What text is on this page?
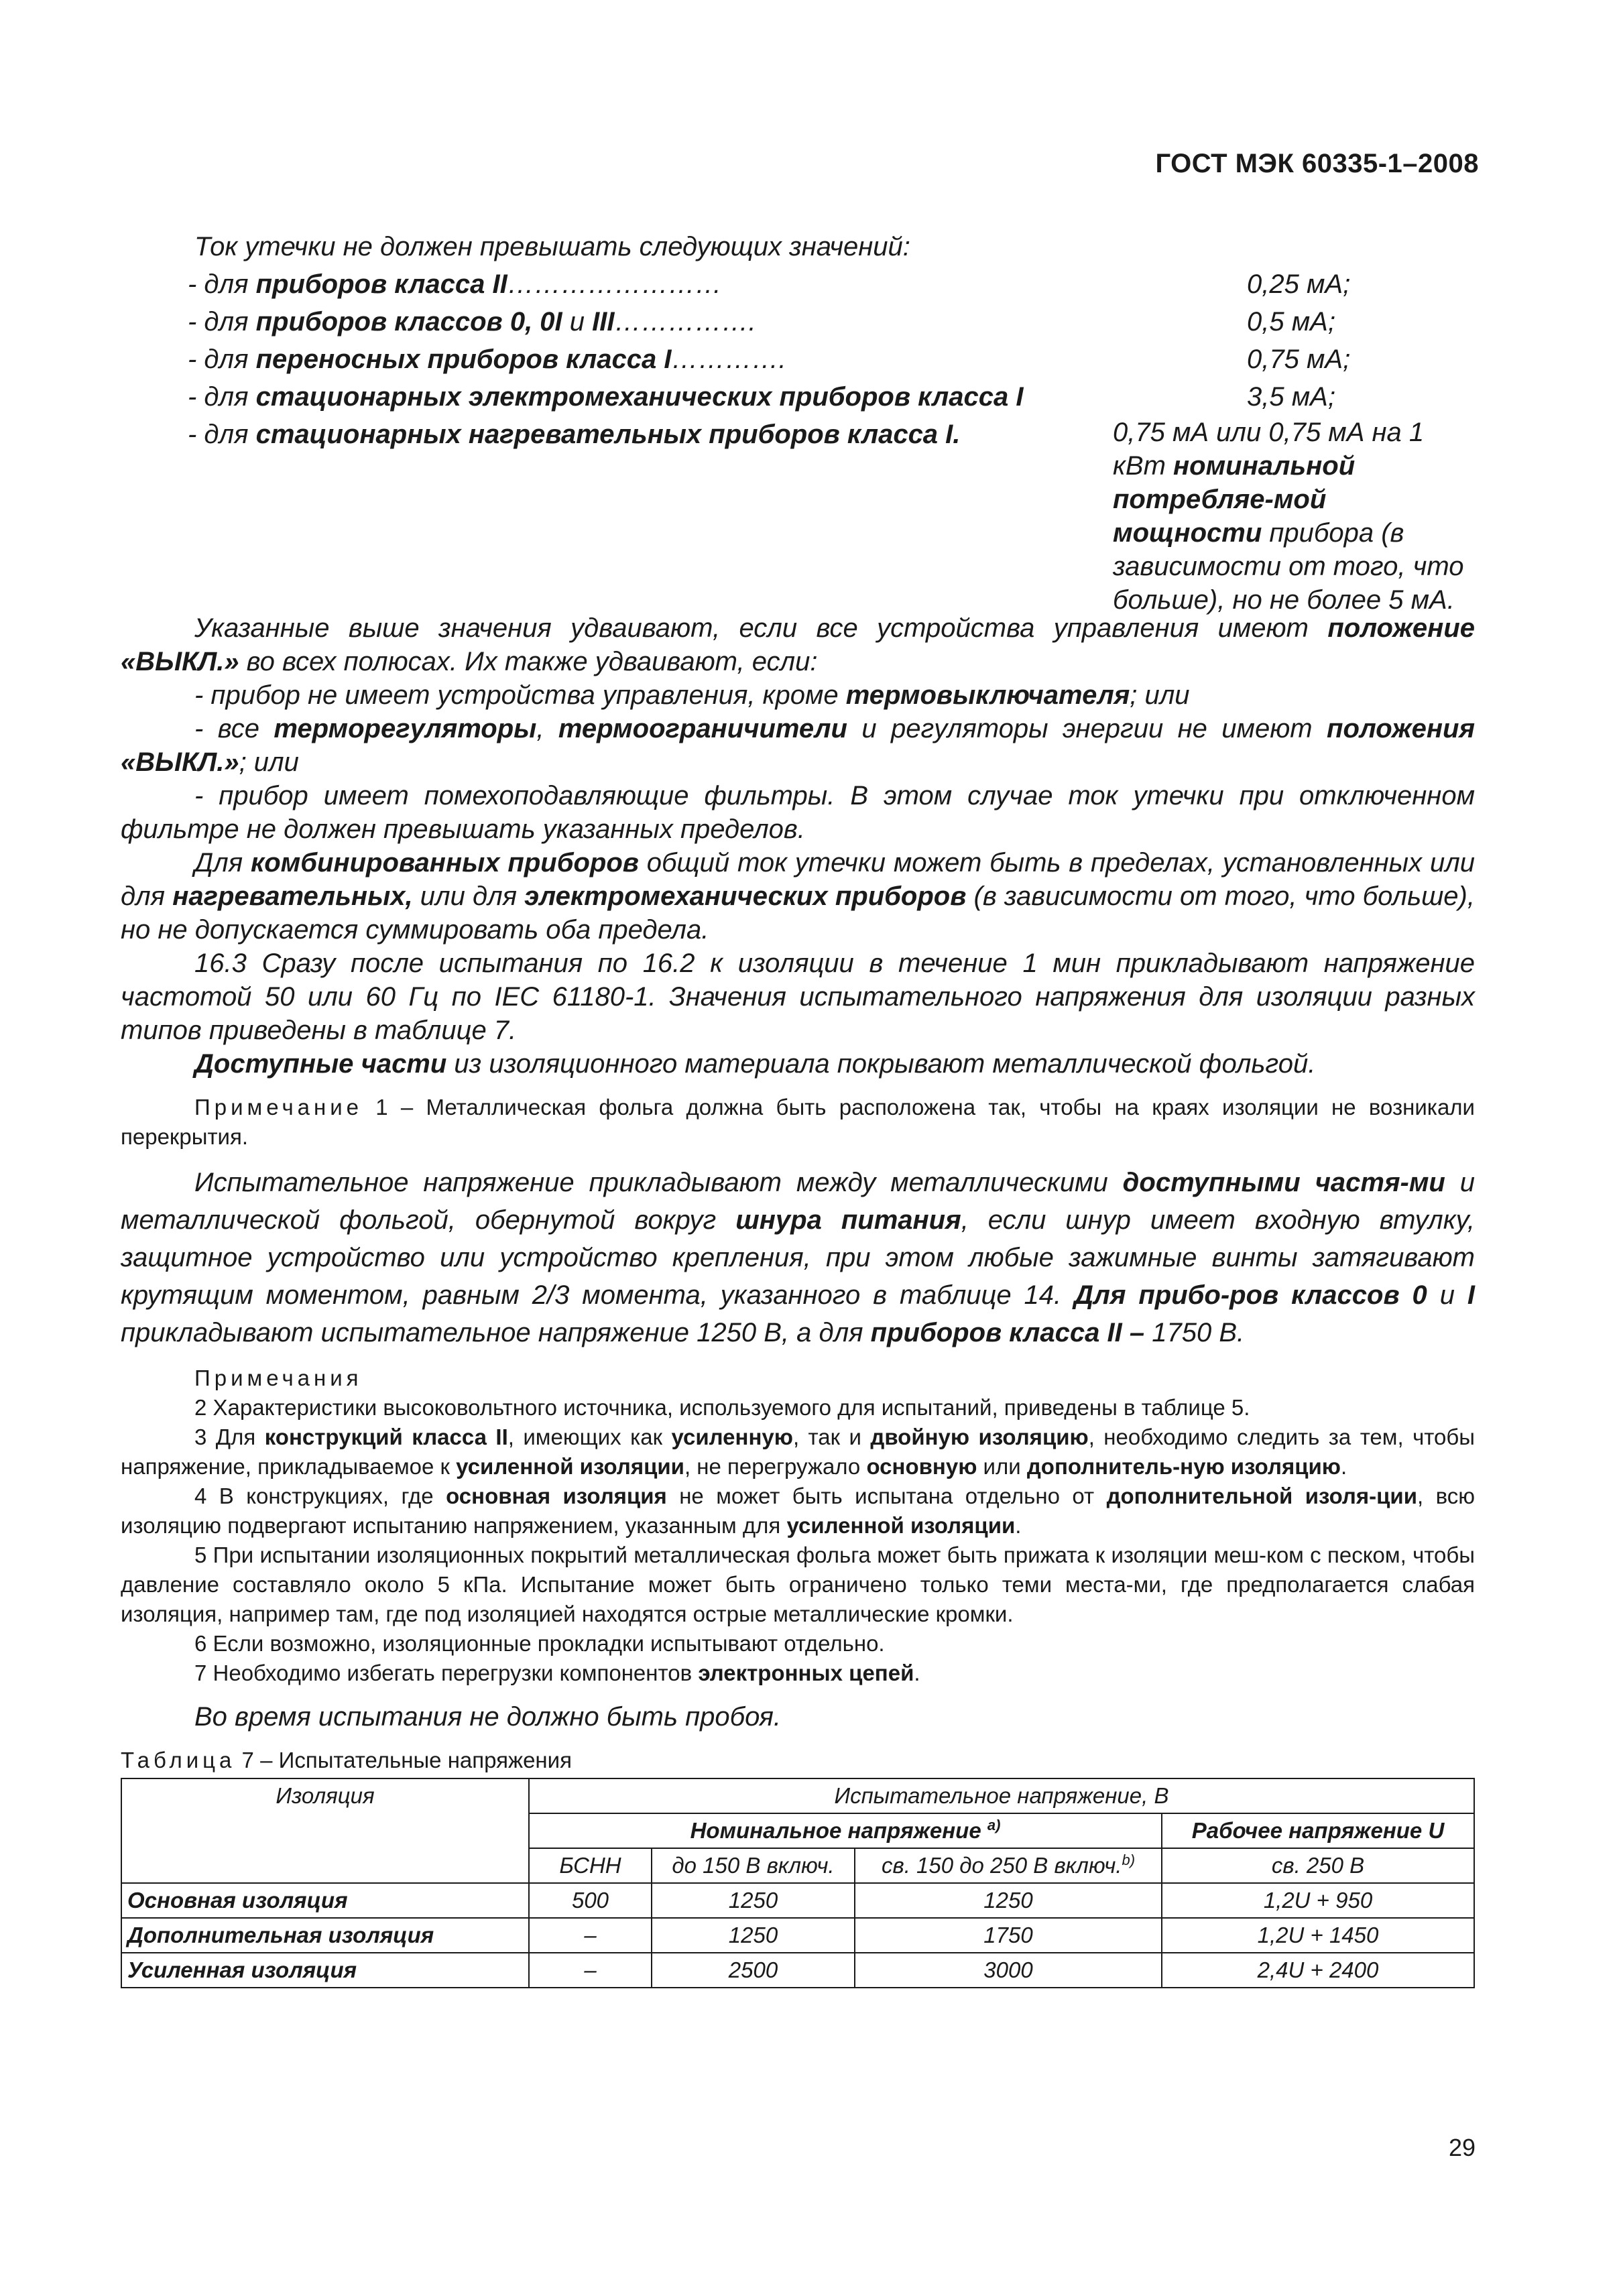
ГОСТ МЭК 60335-1–2008
Ток утечки не должен превышать следующих значений:
- для приборов класса II……………………	0,25 мА;
- для приборов классов 0, 0I и III…………….	0,5 мА;
- для переносных приборов класса I………….	0,75 мА;
- для стационарных электромеханических приборов класса I	3,5 мА;
- для стационарных нагревательных приборов класса I.	0,75 мА или 0,75 мА на 1 кВт номинальной потребляе-мой мощности прибора (в зависимости от того, что больше), но не более 5 мА.

Указанные выше значения удваивают, если все устройства управления имеют положение «ВЫКЛ.» во всех полюсах. Их также удваивают, если:

- прибор не имеет устройства управления, кроме термовыключателя; или

- все терморегуляторы, термоограничители и регуляторы энергии не имеют положения «ВЫКЛ.»; или

- прибор имеет помехоподавляющие фильтры. В этом случае ток утечки при отключенном фильтре не должен превышать указанных пределов.

Для комбинированных приборов общий ток утечки может быть в пределах, установленных или для нагревательных, или для электромеханических приборов (в зависимости от того, что больше), но не допускается суммировать оба предела.

16.3 Сразу после испытания по 16.2 к изоляции в течение 1 мин прикладывают напряжение частотой 50 или 60 Гц по IEC 61180-1. Значения испытательного напряжения для изоляции разных типов приведены в таблице 7.

Доступные части из изоляционного материала покрывают металлической фольгой.

Примечание 1 – Металлическая фольга должна быть расположена так, чтобы на краях изоляции не возникали перекрытия.

Испытательное напряжение прикладывают между металлическими доступными частя-ми и металлической фольгой, обернутой вокруг шнура питания, если шнур имеет входную втулку, защитное устройство или устройство крепления, при этом любые зажимные винты затягивают крутящим моментом, равным 2/3 момента, указанного в таблице 14. Для прибо-ров классов 0 и I прикладывают испытательное напряжение 1250 В, а для приборов класса II – 1750 В.

Примечания

2 Характеристики высоковольтного источника, используемого для испытаний, приведены в таблице 5.

3 Для конструкций класса II, имеющих как усиленную, так и двойную изоляцию, необходимо следить за тем, чтобы напряжение, прикладываемое к усиленной изоляции, не перегружало основную или дополнитель-ную изоляцию.

4 В конструкциях, где основная изоляция не может быть испытана отдельно от дополнительной изоля-ции, всю изоляцию подвергают испытанию напряжением, указанным для усиленной изоляции.

5 При испытании изоляционных покрытий металлическая фольга может быть прижата к изоляции меш-ком с песком, чтобы давление составляло около 5 кПа. Испытание может быть ограничено только теми места-ми, где предполагается слабая изоляция, например там, где под изоляцией находятся острые металлические кромки.

6 Если возможно, изоляционные прокладки испытывают отдельно.

7 Необходимо избегать перегрузки компонентов электронных цепей.

Во время испытания не должно быть пробоя.

Таблица 7 – Испытательные напряжения

Изоляция	Испытательное напряжение, В			
	Номинальное напряжение $^{a)}$			Рабочее напряжение U
	БСНН	до 150 В включ.	св. 150 до 250 В включ.$^{b)}$	св. 250 В
Основная изоляция	500	1250	1250	1,2U + 950
Дополнительная изоляция	–	1250	1750	1,2U + 1450
Усиленная изоляция	–	2500	3000	2,4U + 2400
29
